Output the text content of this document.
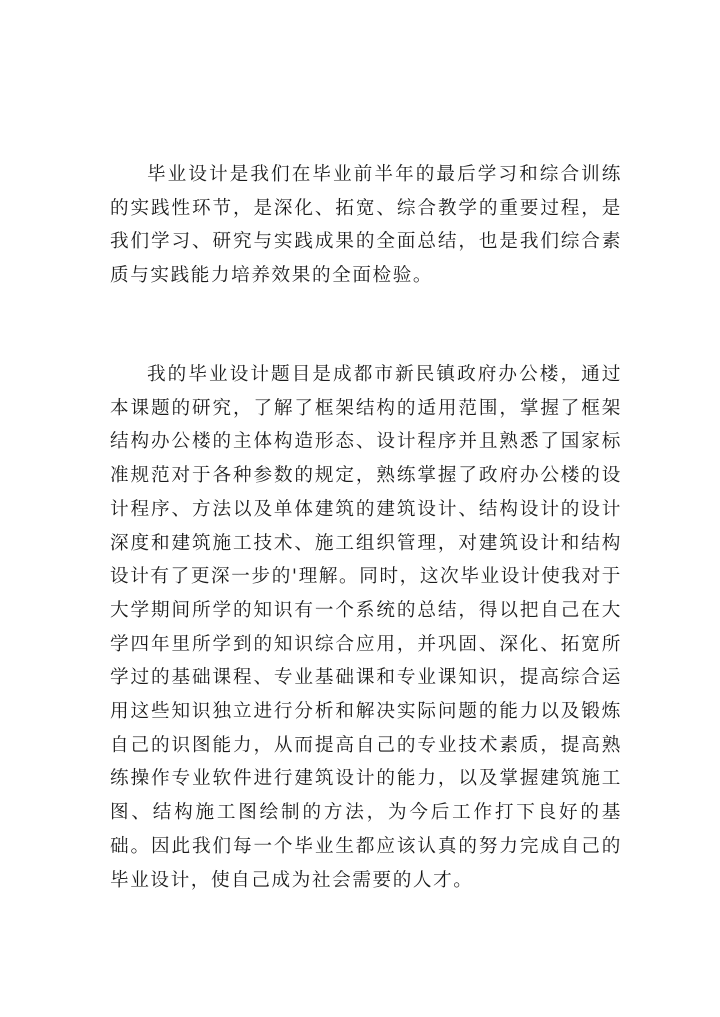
毕业设计是我们在毕业前半年的最后学习和综合训练的实践性环节，是深化、拓宽、综合教学的重要过程，是我们学习、研究与实践成果的全面总结，也是我们综合素质与实践能力培养效果的全面检验。

我的毕业设计题目是成都市新民镇政府办公楼，通过本课题的研究，了解了框架结构的适用范围，掌握了框架结构办公楼的主体构造形态、设计程序并且熟悉了国家标准规范对于各种参数的规定，熟练掌握了政府办公楼的设计程序、方法以及单体建筑的建筑设计、结构设计的设计深度和建筑施工技术、施工组织管理，对建筑设计和结构设计有了更深一步的'理解。同时，这次毕业设计使我对于大学期间所学的知识有一个系统的总结，得以把自己在大学四年里所学到的知识综合应用，并巩固、深化、拓宽所学过的基础课程、专业基础课和专业课知识，提高综合运用这些知识独立进行分析和解决实际问题的能力以及锻炼自己的识图能力，从而提高自己的专业技术素质，提高熟练操作专业软件进行建筑设计的能力，以及掌握建筑施工图、结构施工图绘制的方法，为今后工作打下良好的基础。因此我们每一个毕业生都应该认真的努力完成自己的毕业设计，使自己成为社会需要的人才。
